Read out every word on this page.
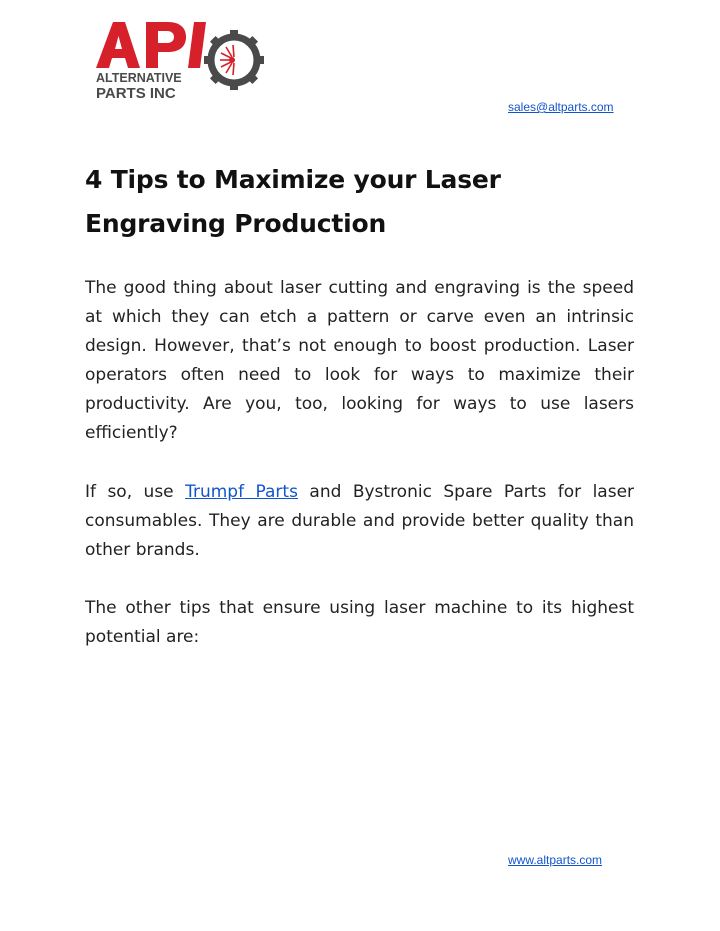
ALTERNATIVE
PARTS INC
sales@altparts.com
4 Tips to Maximize your Laser Engraving Production

The good thing about laser cutting and engraving is the speed at which they can etch a pattern or carve even an intrinsic design. However, that’s not enough to boost production. Laser operators often need to look for ways to maximize their productivity. Are you, too, looking for ways to use lasers efficiently?

If so, use Trumpf Parts and Bystronic Spare Parts for laser consumables. They are durable and provide better quality than other brands.

The other tips that ensure using laser machine to its highest potential are:

www.altparts.com
